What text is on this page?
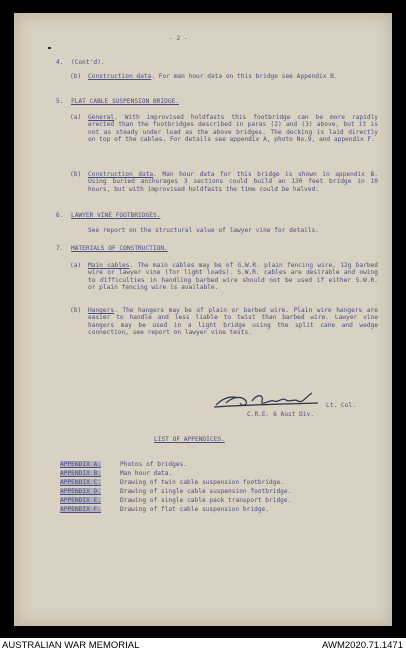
- 2 -
4. (Cont'd).
(b) Construction data. For man hour data on this bridge see Appendix B.
5. FLAT CABLE SUSPENSION BRIDGE.
(a) General. With improvised holdfasts this footbridge can be more rapidly erected than the footbridges described in paras (2) and (3) above, but it is not as steady under load as the above bridges. The decking is laid directly on top of the cables. For details see appendix A, photo No.9, and appendix F.
(b) Construction data. Man hour data for this bridge is shown in appendix B. Using buried anchorages 3 sections could build an 130 feet bridge in 10 hours, but with improvised holdfasts the time could be halved.
6. LAWYER VINE FOOTBRIDGES.
See report on the structural value of lawyer vine for details.
7. MATERIALS OF CONSTRUCTION.
(a) Main cables. The main cables may be of G.W.R. plain fencing wire, 12g barbed wire or lawyer vine (for light loads). S.W.R. cables are desirable and owing to difficulties in handling barbed wire should not be used if either S.W.R. or plain fencing wire is available.
(b) Hangers. The hangers may be of plain or barbed wire. Plain wire hangers are easier to handle and less liable to twist than barbed wire. Lawyer vine hangers may be used in a light bridge using the split cane and wedge connection, see report on lawyer vine tests.
Lt. Col.
C.R.E. 6 Aust Div.
LIST OF APPENDICES.
APPENDIX A.	Photos of bridges.
APPENDIX B.	Man hour data.
APPENDIX C.	Drawing of twin cable suspension footbridge.
APPENDIX D.	Drawing of single cable suspension footbridge.
APPENDIX E.	Drawing of single cable pack transport bridge.
APPENDIX F.	Drawing of flat cable suspension bridge.
AUSTRALIAN WAR MEMORIAL	AWM2020.71.1471
